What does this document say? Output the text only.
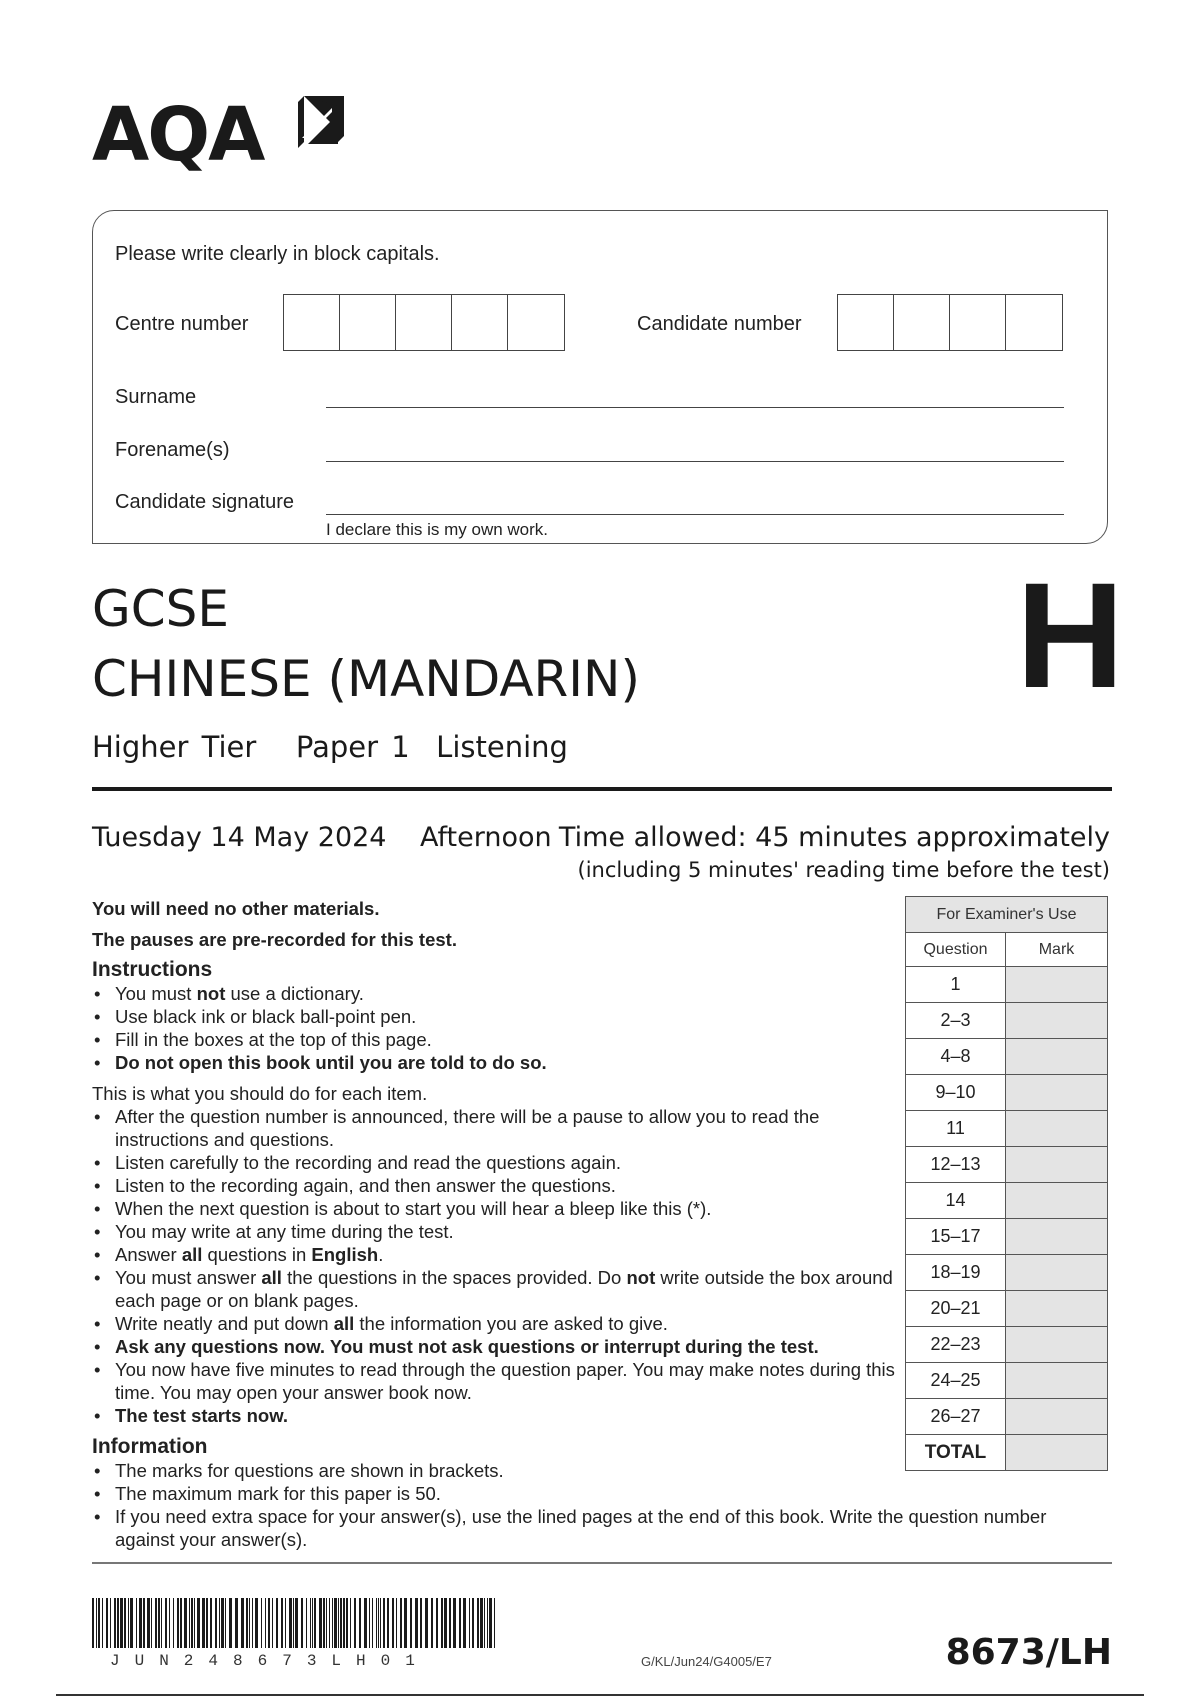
AQA
Please write clearly in block capitals.
Centre number	Candidate number
Surname
Forename(s)
Candidate signature
I declare this is my own work.
GCSE
CHINESE (MANDARIN)
Higher Tier   Paper 1  Listening
H
Tuesday 14 May 2024 Afternoon Time allowed: 45 minutes approximately
(including 5 minutes' reading time before the test)
You will need no other materials.
The pauses are pre-recorded for this test.
Instructions
• You must not use a dictionary.
• Use black ink or black ball-point pen.
• Fill in the boxes at the top of this page.
• Do not open this book until you are told to do so.
This is what you should do for each item.
• After the question number is announced, there will be a pause to allow you to read the instructions and questions.
• Listen carefully to the recording and read the questions again.
• Listen to the recording again, and then answer the questions.
• When the next question is about to start you will hear a bleep like this (*).
• You may write at any time during the test.
• Answer all questions in English.
• You must answer all the questions in the spaces provided. Do not write outside the box around each page or on blank pages.
• Write neatly and put down all the information you are asked to give.
• Ask any questions now. You must not ask questions or interrupt during the test.
• You now have five minutes to read through the question paper. You may make notes during this time. You may open your answer book now.
• The test starts now.
Information
• The marks for questions are shown in brackets.
• The maximum mark for this paper is 50.
• If you need extra space for your answer(s), use the lined pages at the end of this book. Write the question number against your answer(s).
For Examiner's Use	
Question	Mark
1	
2–3	
4–8	
9–10	
11	
12–13	
14	
15–17	
18–19	
20–21	
22–23	
24–25	
26–27	
TOTAL	
JUN248673LH01	G/KL/Jun24/G4005/E7	8673/LH
